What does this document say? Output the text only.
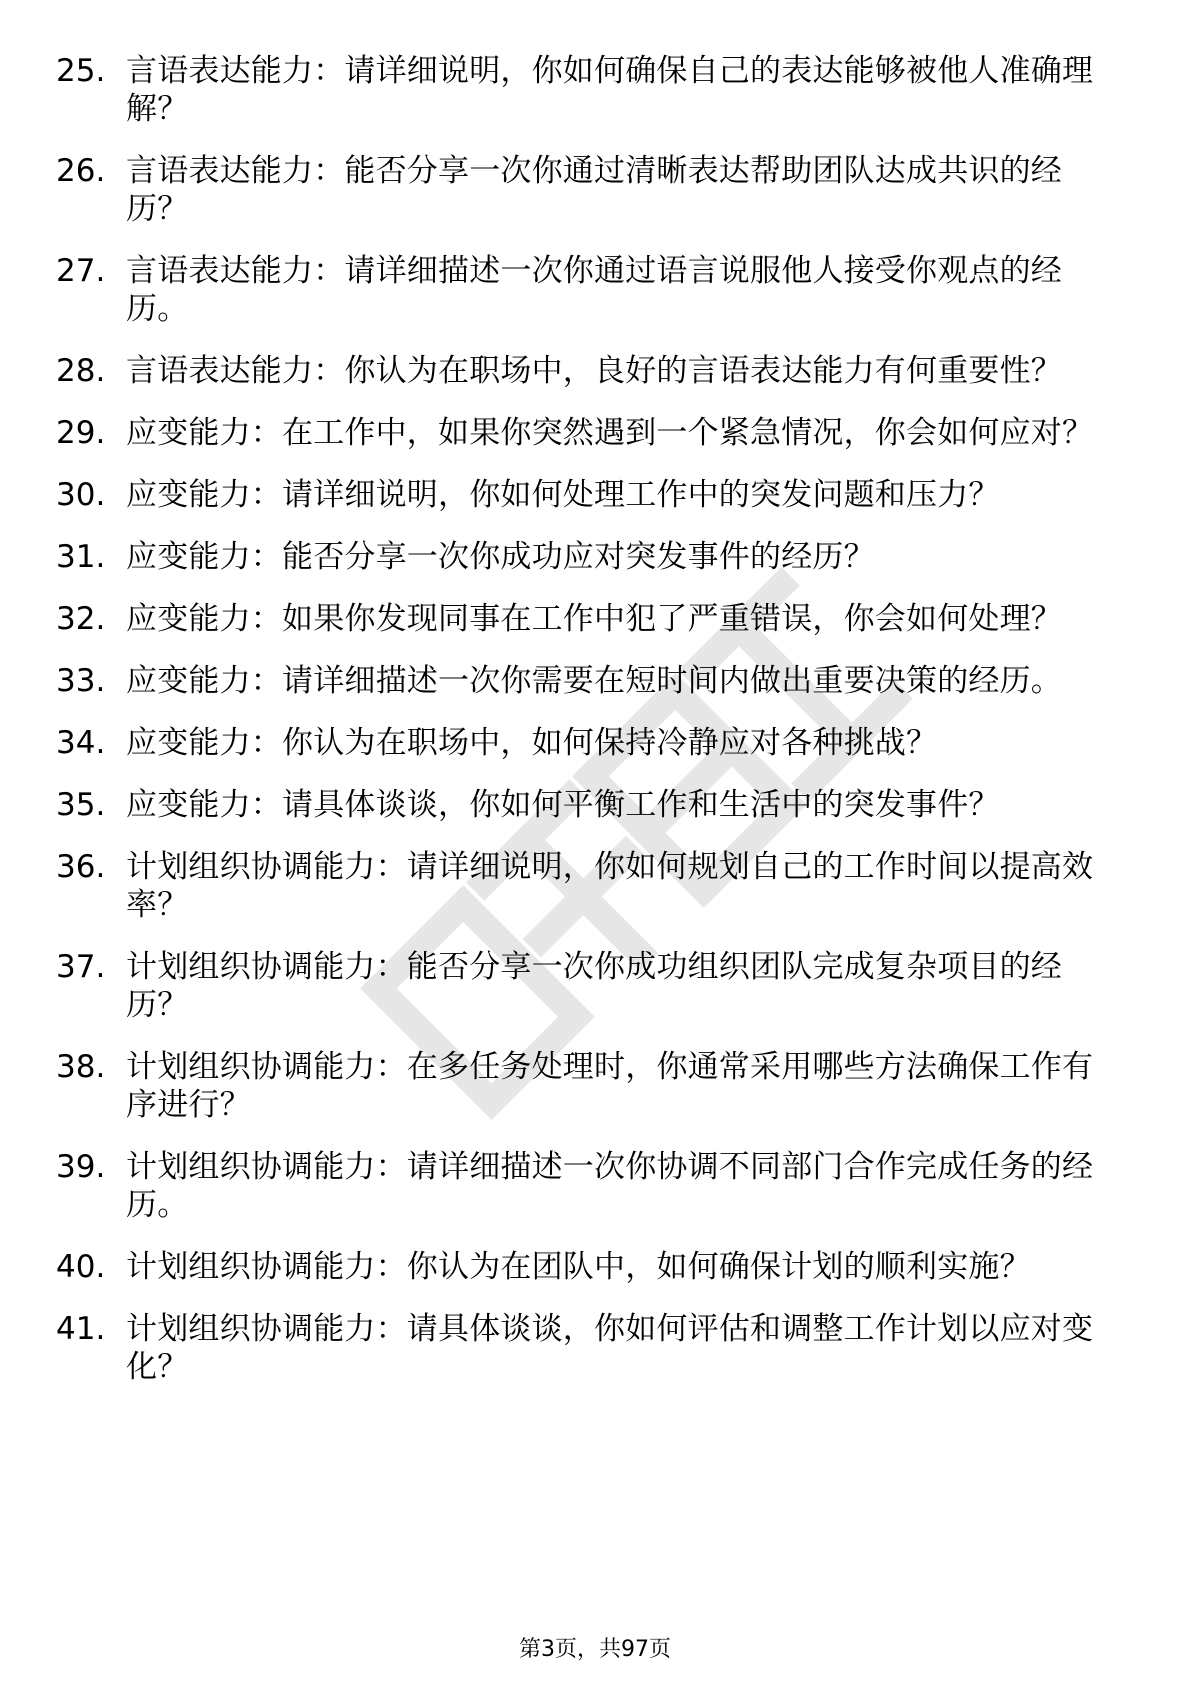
25. 言语表达能力：请详细说明，你如何确保自己的表达能够被他人准确理解？
26. 言语表达能力：能否分享一次你通过清晰表达帮助团队达成共识的经历？
27. 言语表达能力：请详细描述一次你通过语言说服他人接受你观点的经历。
28. 言语表达能力：你认为在职场中，良好的言语表达能力有何重要性？
29. 应变能力：在工作中，如果你突然遇到一个紧急情况，你会如何应对？
30. 应变能力：请详细说明，你如何处理工作中的突发问题和压力？
31. 应变能力：能否分享一次你成功应对突发事件的经历？
32. 应变能力：如果你发现同事在工作中犯了严重错误，你会如何处理？
33. 应变能力：请详细描述一次你需要在短时间内做出重要决策的经历。
34. 应变能力：你认为在职场中，如何保持冷静应对各种挑战？
35. 应变能力：请具体谈谈，你如何平衡工作和生活中的突发事件？
36. 计划组织协调能力：请详细说明，你如何规划自己的工作时间以提高效率？
37. 计划组织协调能力：能否分享一次你成功组织团队完成复杂项目的经历？
38. 计划组织协调能力：在多任务处理时，你通常采用哪些方法确保工作有序进行？
39. 计划组织协调能力：请详细描述一次你协调不同部门合作完成任务的经历。
40. 计划组织协调能力：你认为在团队中，如何确保计划的顺利实施？
41. 计划组织协调能力：请具体谈谈，你如何评估和调整工作计划以应对变化？
第3页，共97页
